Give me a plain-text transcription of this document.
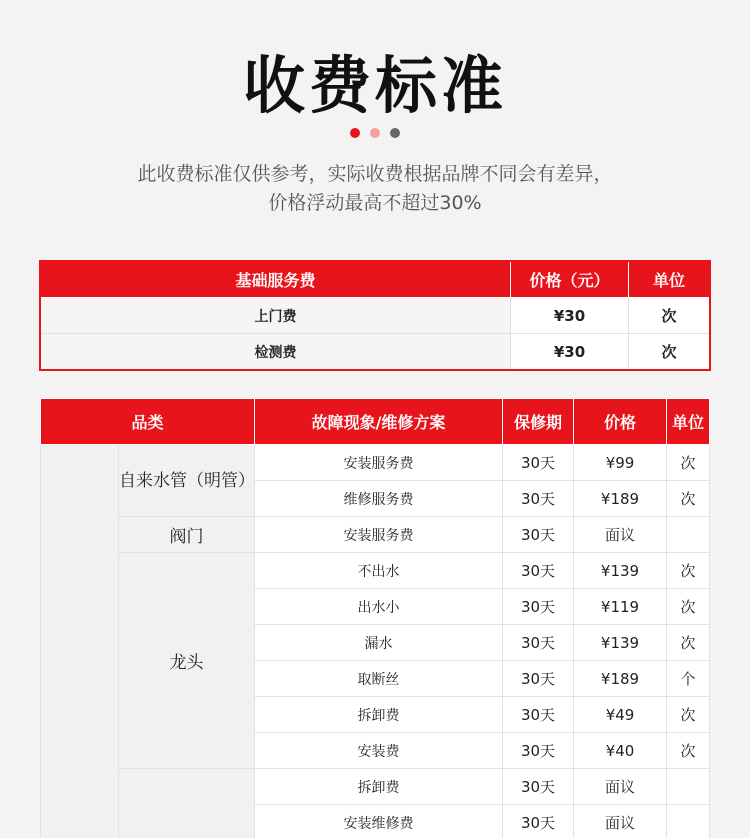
收费标准

此收费标准仅供参考，实际收费根据品牌不同会有差异，
价格浮动最高不超过30%
基础服务费	价格（元）	单位
上门费	¥30	次
检测费	¥30	次
品类		故障现象/维修方案	保修期	价格	单位
	自来水管（明管）	安装服务费	30天	¥99	次
		维修服务费	30天	¥189	次
	阀门	安装服务费	30天	面议	
	龙头	不出水	30天	¥139	次
		出水小	30天	¥119	次
		漏水	30天	¥139	次
		取断丝	30天	¥189	个
		拆卸费	30天	¥49	次
		安装费	30天	¥40	次
		拆卸费	30天	面议	
		安装维修费	30天	面议	
